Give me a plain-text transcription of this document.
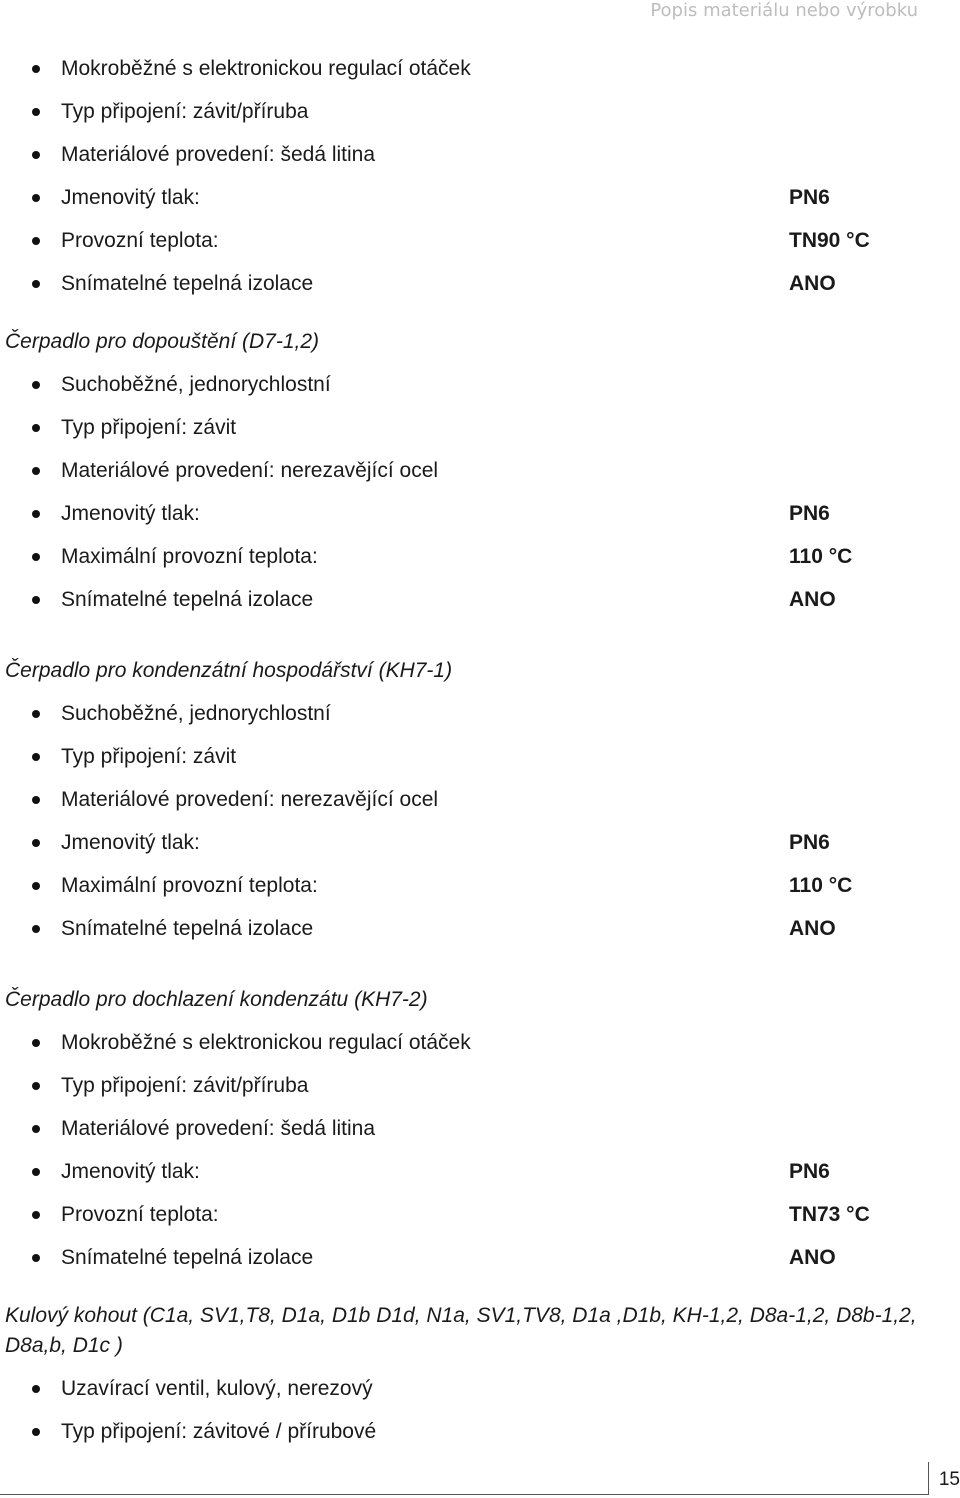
Popis materiálu nebo výrobku
Mokroběžné s elektronickou regulací otáček
Typ připojení: závit/příruba
Materiálové provedení: šedá litina
Jmenovitý tlak:	PN6
Provozní teplota:	TN90 °C
Snímatelné tepelná izolace	ANO
Čerpadlo pro dopouštění (D7-1,2)
Suchoběžné, jednorychlostní
Typ připojení: závit
Materiálové provedení: nerezavějící ocel
Jmenovitý tlak:	PN6
Maximální provozní teplota:	110 °C
Snímatelné tepelná izolace	ANO
Čerpadlo pro kondenzátní hospodářství (KH7-1)
Suchoběžné, jednorychlostní
Typ připojení: závit
Materiálové provedení: nerezavějící ocel
Jmenovitý tlak:	PN6
Maximální provozní teplota:	110 °C
Snímatelné tepelná izolace	ANO
Čerpadlo pro dochlazení kondenzátu (KH7-2)
Mokroběžné s elektronickou regulací otáček
Typ připojení: závit/příruba
Materiálové provedení: šedá litina
Jmenovitý tlak:	PN6
Provozní teplota:	TN73 °C
Snímatelné tepelná izolace	ANO
Kulový kohout (C1a, SV1,T8, D1a, D1b D1d, N1a, SV1,TV8, D1a ,D1b, KH-1,2, D8a-1,2, D8b-1,2, D8a,b, D1c )
Uzavírací ventil, kulový, nerezový
Typ připojení: závitové / přírubové
15
